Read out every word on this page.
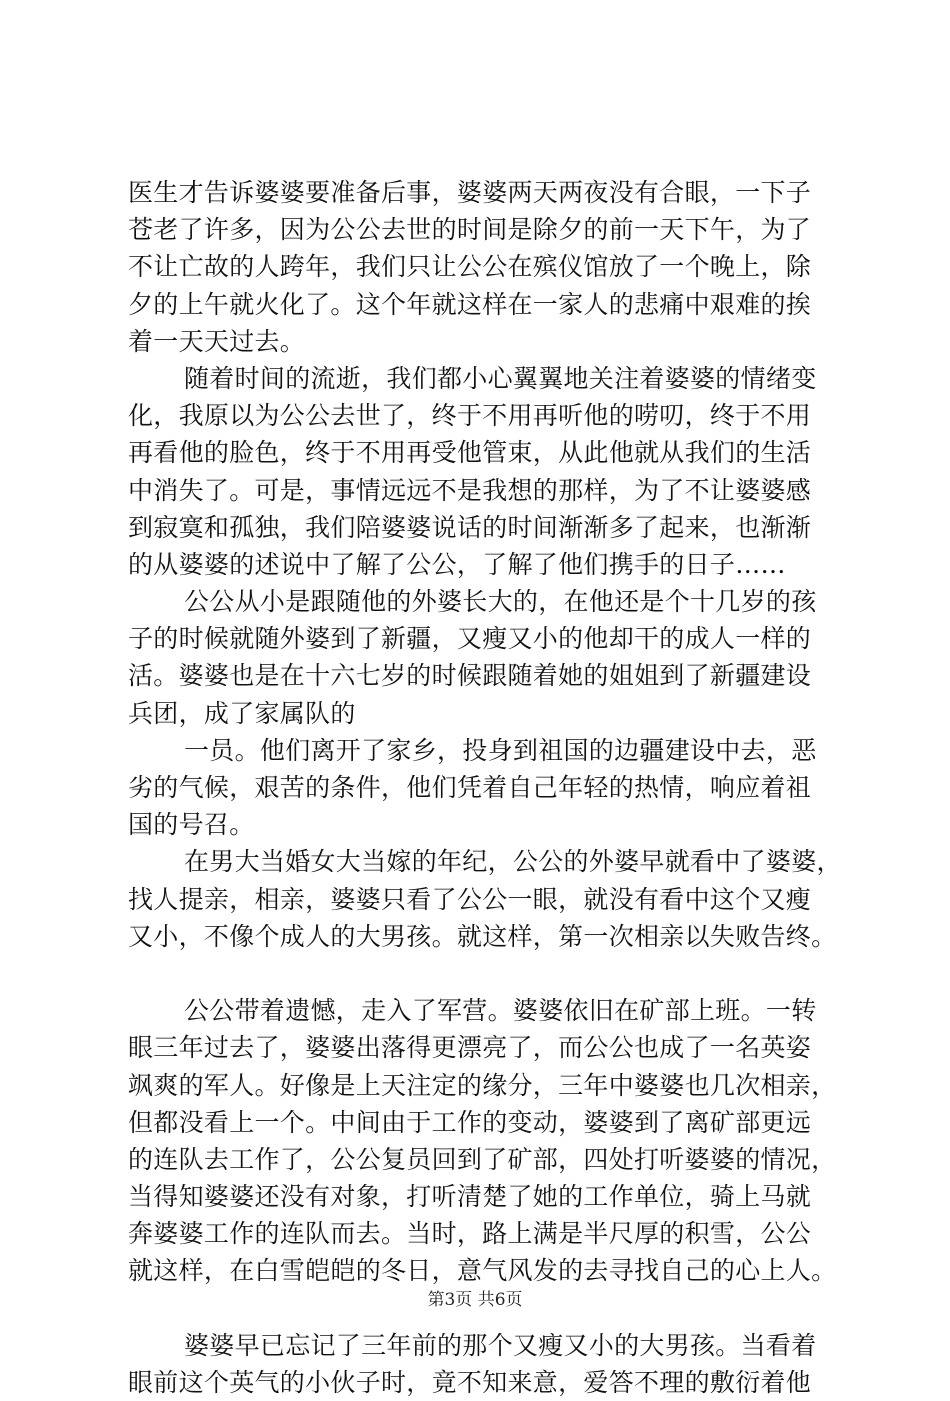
医生才告诉婆婆要准备后事，婆婆两天两夜没有合眼，一下子
苍老了许多，因为公公去世的时间是除夕的前一天下午，为了
不让亡故的人跨年，我们只让公公在殡仪馆放了一个晚上，除
夕的上午就火化了。这个年就这样在一家人的悲痛中艰难的挨
着一天天过去。
随着时间的流逝，我们都小心翼翼地关注着婆婆的情绪变
化，我原以为公公去世了，终于不用再听他的唠叨，终于不用
再看他的脸色，终于不用再受他管束，从此他就从我们的生活
中消失了。可是，事情远远不是我想的那样，为了不让婆婆感
到寂寞和孤独，我们陪婆婆说话的时间渐渐多了起来，也渐渐
的从婆婆的述说中了解了公公，了解了他们携手的日子……
公公从小是跟随他的外婆长大的，在他还是个十几岁的孩
子的时候就随外婆到了新疆，又瘦又小的他却干的成人一样的
活。婆婆也是在十六七岁的时候跟随着她的姐姐到了新疆建设
兵团，成了家属队的
一员。他们离开了家乡，投身到祖国的边疆建设中去，恶
劣的气候，艰苦的条件，他们凭着自己年轻的热情，响应着祖
国的号召。
在男大当婚女大当嫁的年纪，公公的外婆早就看中了婆婆，
找人提亲，相亲，婆婆只看了公公一眼，就没有看中这个又瘦
又小，不像个成人的大男孩。就这样，第一次相亲以失败告终。
公公带着遗憾，走入了军营。婆婆依旧在矿部上班。一转
眼三年过去了，婆婆出落得更漂亮了，而公公也成了一名英姿
飒爽的军人。好像是上天注定的缘分，三年中婆婆也几次相亲，
但都没看上一个。中间由于工作的变动，婆婆到了离矿部更远
的连队去工作了，公公复员回到了矿部，四处打听婆婆的情况，
当得知婆婆还没有对象，打听清楚了她的工作单位，骑上马就
奔婆婆工作的连队而去。当时，路上满是半尺厚的积雪，公公
就这样，在白雪皑皑的冬日，意气风发的去寻找自己的心上人。
婆婆早已忘记了三年前的那个又瘦又小的大男孩。当看着
眼前这个英气的小伙子时，竟不知来意，爱答不理的敷衍着他
第3页 共6页
